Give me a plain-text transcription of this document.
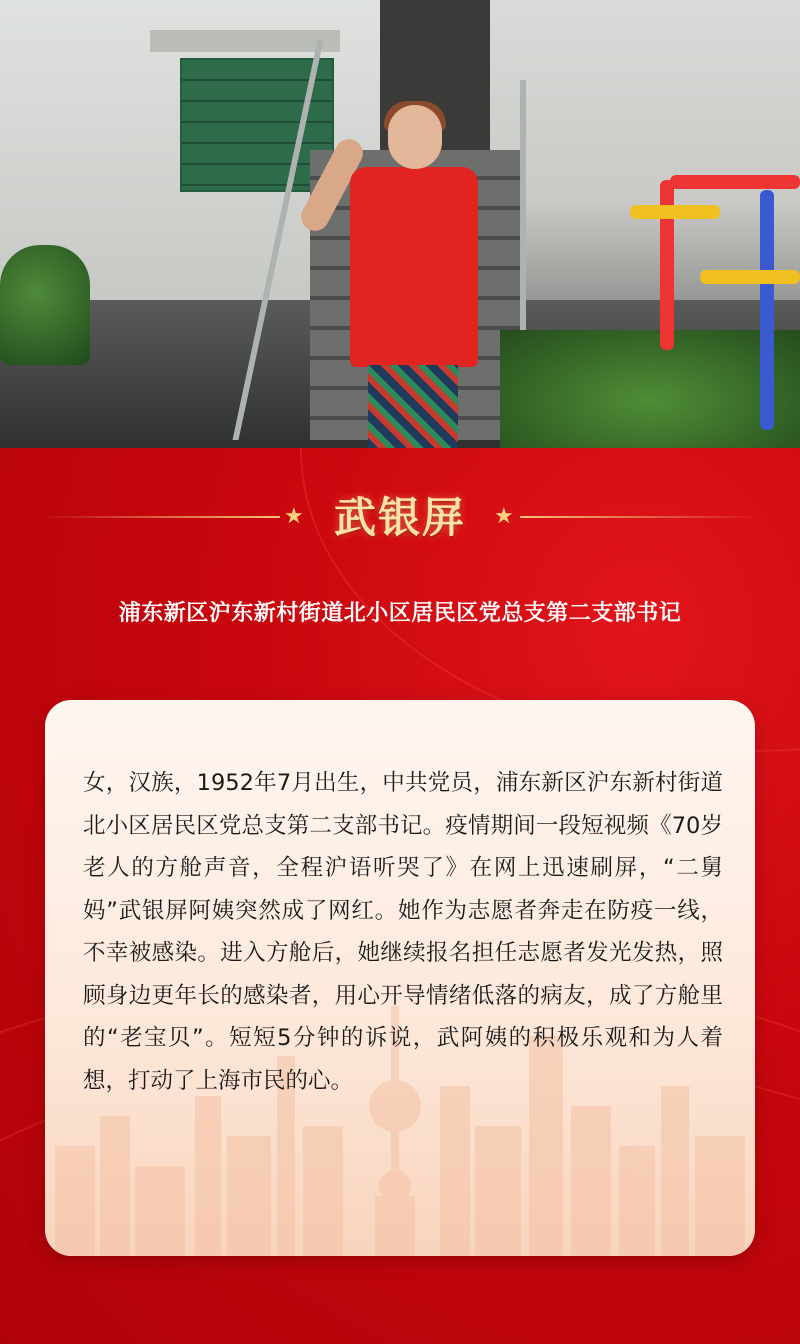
★ 武银屏	★
浦东新区沪东新村街道北小区居民区党总支第二支部书记

女，汉族，1952年7月出生，中共党员，浦东新区沪东新村街道北小区居民区党总支第二支部书记。疫情期间一段短视频《70岁老人的方舱声音，全程沪语听哭了》在网上迅速刷屏，“二舅妈”武银屏阿姨突然成了网红。她作为志愿者奔走在防疫一线，不幸被感染。进入方舱后，她继续报名担任志愿者发光发热，照顾身边更年长的感染者，用心开导情绪低落的病友，成了方舱里的“老宝贝”。短短5分钟的诉说，武阿姨的积极乐观和为人着想，打动了上海市民的心。
